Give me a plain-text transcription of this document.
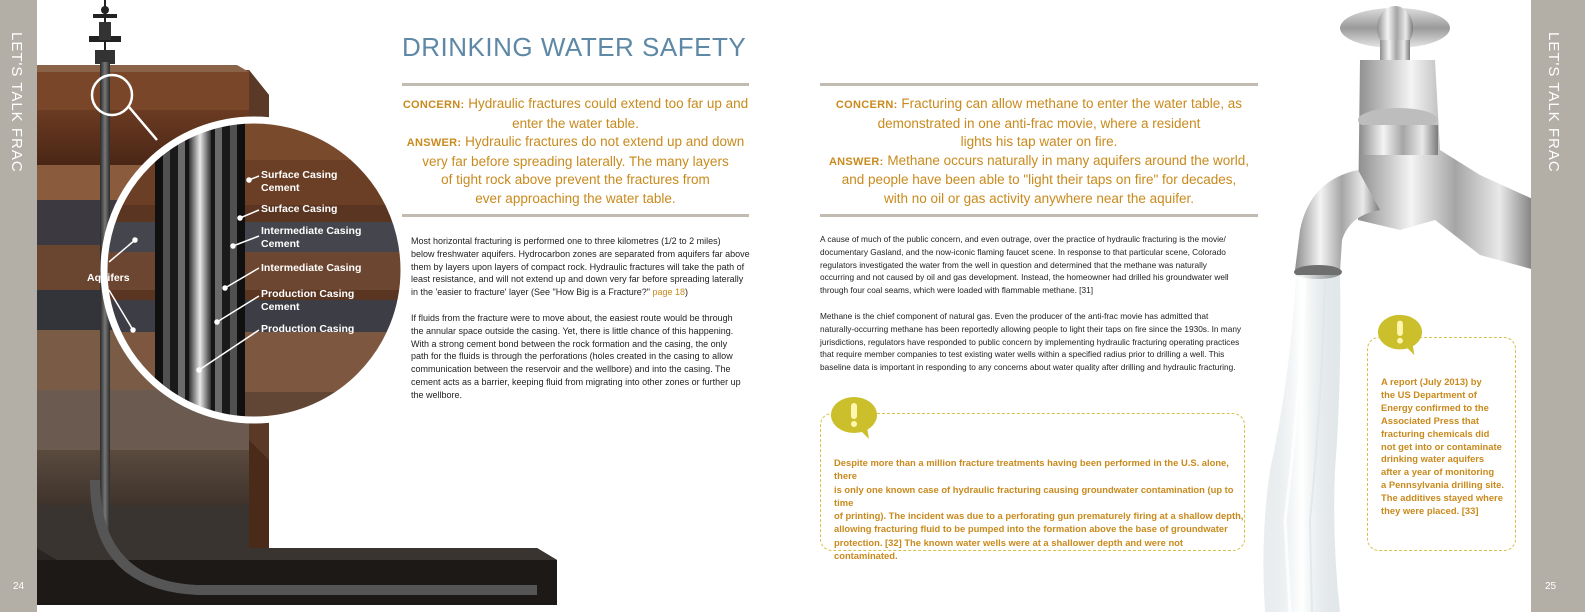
LET'S TALK FRAC
24
Surface Casing
Cement
Surface Casing
Intermediate Casing
Cement
Intermediate Casing
Production Casing
Cement
Production Casing
Aquifers
DRINKING WATER SAFETY
CONCERN: Hydraulic fractures could extend too far up and
enter the water table.
ANSWER: Hydraulic fractures do not extend up and down
very far before spreading laterally. The many layers
of tight rock above prevent the fractures from
ever approaching the water table.

Most horizontal fracturing is performed one to three kilometres (1/2 to 2 miles)
below freshwater aquifers. Hydrocarbon zones are separated from aquifers far above
them by layers upon layers of compact rock. Hydraulic fractures will take the path of
least resistance, and will not extend up and down very far before spreading laterally
in the 'easier to fracture' layer (See "How Big is a Fracture?" page 18)

If fluids from the fracture were to move about, the easiest route would be through
the annular space outside the casing. Yet, there is little chance of this happening.
With a strong cement bond between the rock formation and the casing, the only
path for the fluids is through the perforations (holes created in the casing to allow
communication between the reservoir and the wellbore) and into the casing. The
cement acts as a barrier, keeping fluid from migrating into other zones or further up
the wellbore.

CONCERN: Fracturing can allow methane to enter the water table, as
demonstrated in one anti-frac movie, where a resident
lights his tap water on fire.
ANSWER: Methane occurs naturally in many aquifers around the world,
and people have been able to "light their taps on fire" for decades,
with no oil or gas activity anywhere near the aquifer.

A cause of much of the public concern, and even outrage, over the practice of hydraulic fracturing is the movie/
documentary Gasland, and the now-iconic flaming faucet scene. In response to that particular scene, Colorado
regulators investigated the water from the well in question and determined that the methane was naturally
occurring and not caused by oil and gas development. Instead, the homeowner had drilled his groundwater well
through four coal seams, which were loaded with flammable methane. [31]

Methane is the chief component of natural gas. Even the producer of the anti-frac movie has admitted that
naturally-occurring methane has been reportedly allowing people to light their taps on fire since the 1930s. In many
jurisdictions, regulators have responded to public concern by implementing hydraulic fracturing operating practices
that require member companies to test existing water wells within a specified radius prior to drilling a well. This
baseline data is important in responding to any concerns about water quality after drilling and hydraulic fracturing.

Despite more than a million fracture treatments having been performed in the U.S. alone, there
is only one known case of hydraulic fracturing causing groundwater contamination (up to time
of printing). The incident was due to a perforating gun prematurely firing at a shallow depth,
allowing fracturing fluid to be pumped into the formation above the base of groundwater
protection. [32] The known water wells were at a shallower depth and were not contaminated.
A report (July 2013) by
the US Department of
Energy confirmed to the
Associated Press that
fracturing chemicals did
not get into or contaminate
drinking water aquifers
after a year of monitoring
a Pennsylvania drilling site.
The additives stayed where
they were placed. [33]
LET'S TALK FRAC
25
